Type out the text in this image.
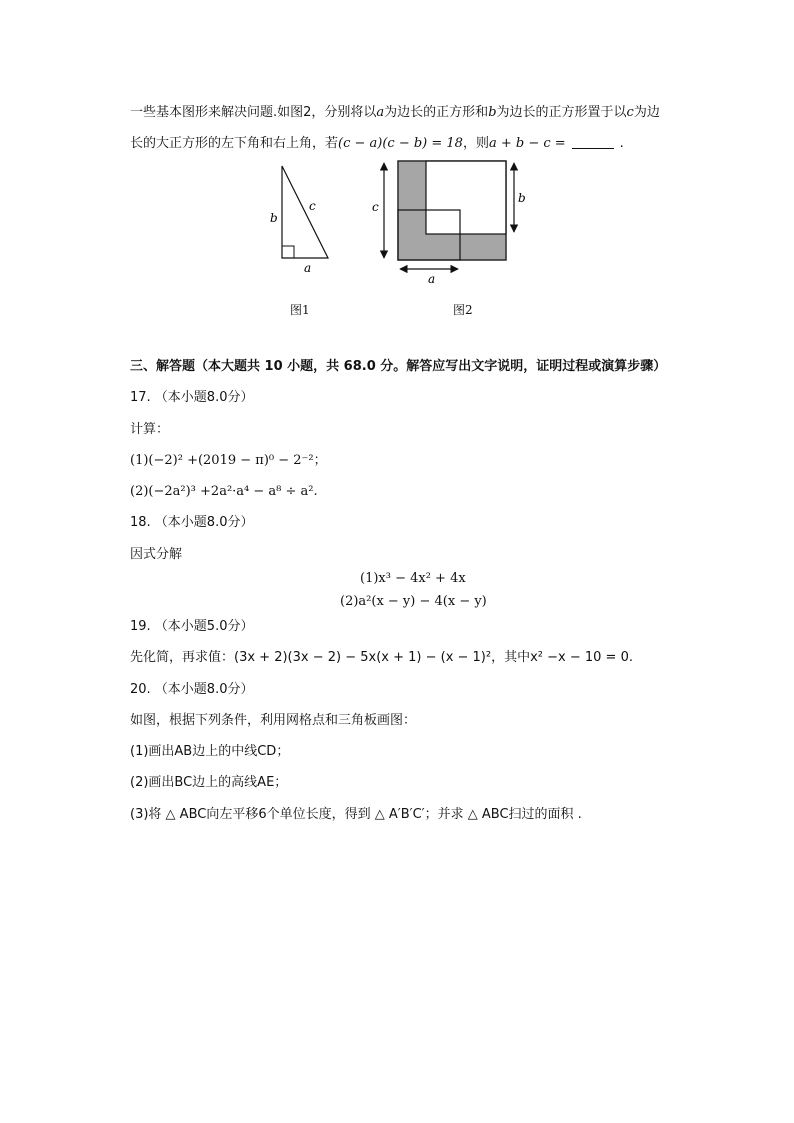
一些基本图形来解决问题.如图2，分别将以a为边长的正方形和b为边长的正方形置于以c为边
长的大正方形的左下角和右上角，若(c − a)(c − b) = 18，则a + b − c =	.
b
c
a
图1
c
b
a
图2
三、解答题（本大题共 10 小题，共 68.0 分。解答应写出文字说明，证明过程或演算步骤）
17. （本小题8.0分）
计算：
(1)(−2)² +(2019 − π)⁰ − 2⁻²；
(2)(−2a²)³ +2a²·a⁴ − a⁸ ÷ a².
18. （本小题8.0分）
因式分解
(1)x³ − 4x² + 4x
(2)a²(x − y) − 4(x − y)
19. （本小题5.0分）
先化简，再求值：(3x + 2)(3x − 2) − 5x(x + 1) − (x − 1)²，其中x² −x − 10 = 0.
20. （本小题8.0分）
如图，根据下列条件，利用网格点和三角板画图：
(1)画出AB边上的中线CD；
(2)画出BC边上的高线AE；
(3)将 △ ABC向左平移6个单位长度，得到 △ A′B′C′；并求 △ ABC扫过的面积 .
